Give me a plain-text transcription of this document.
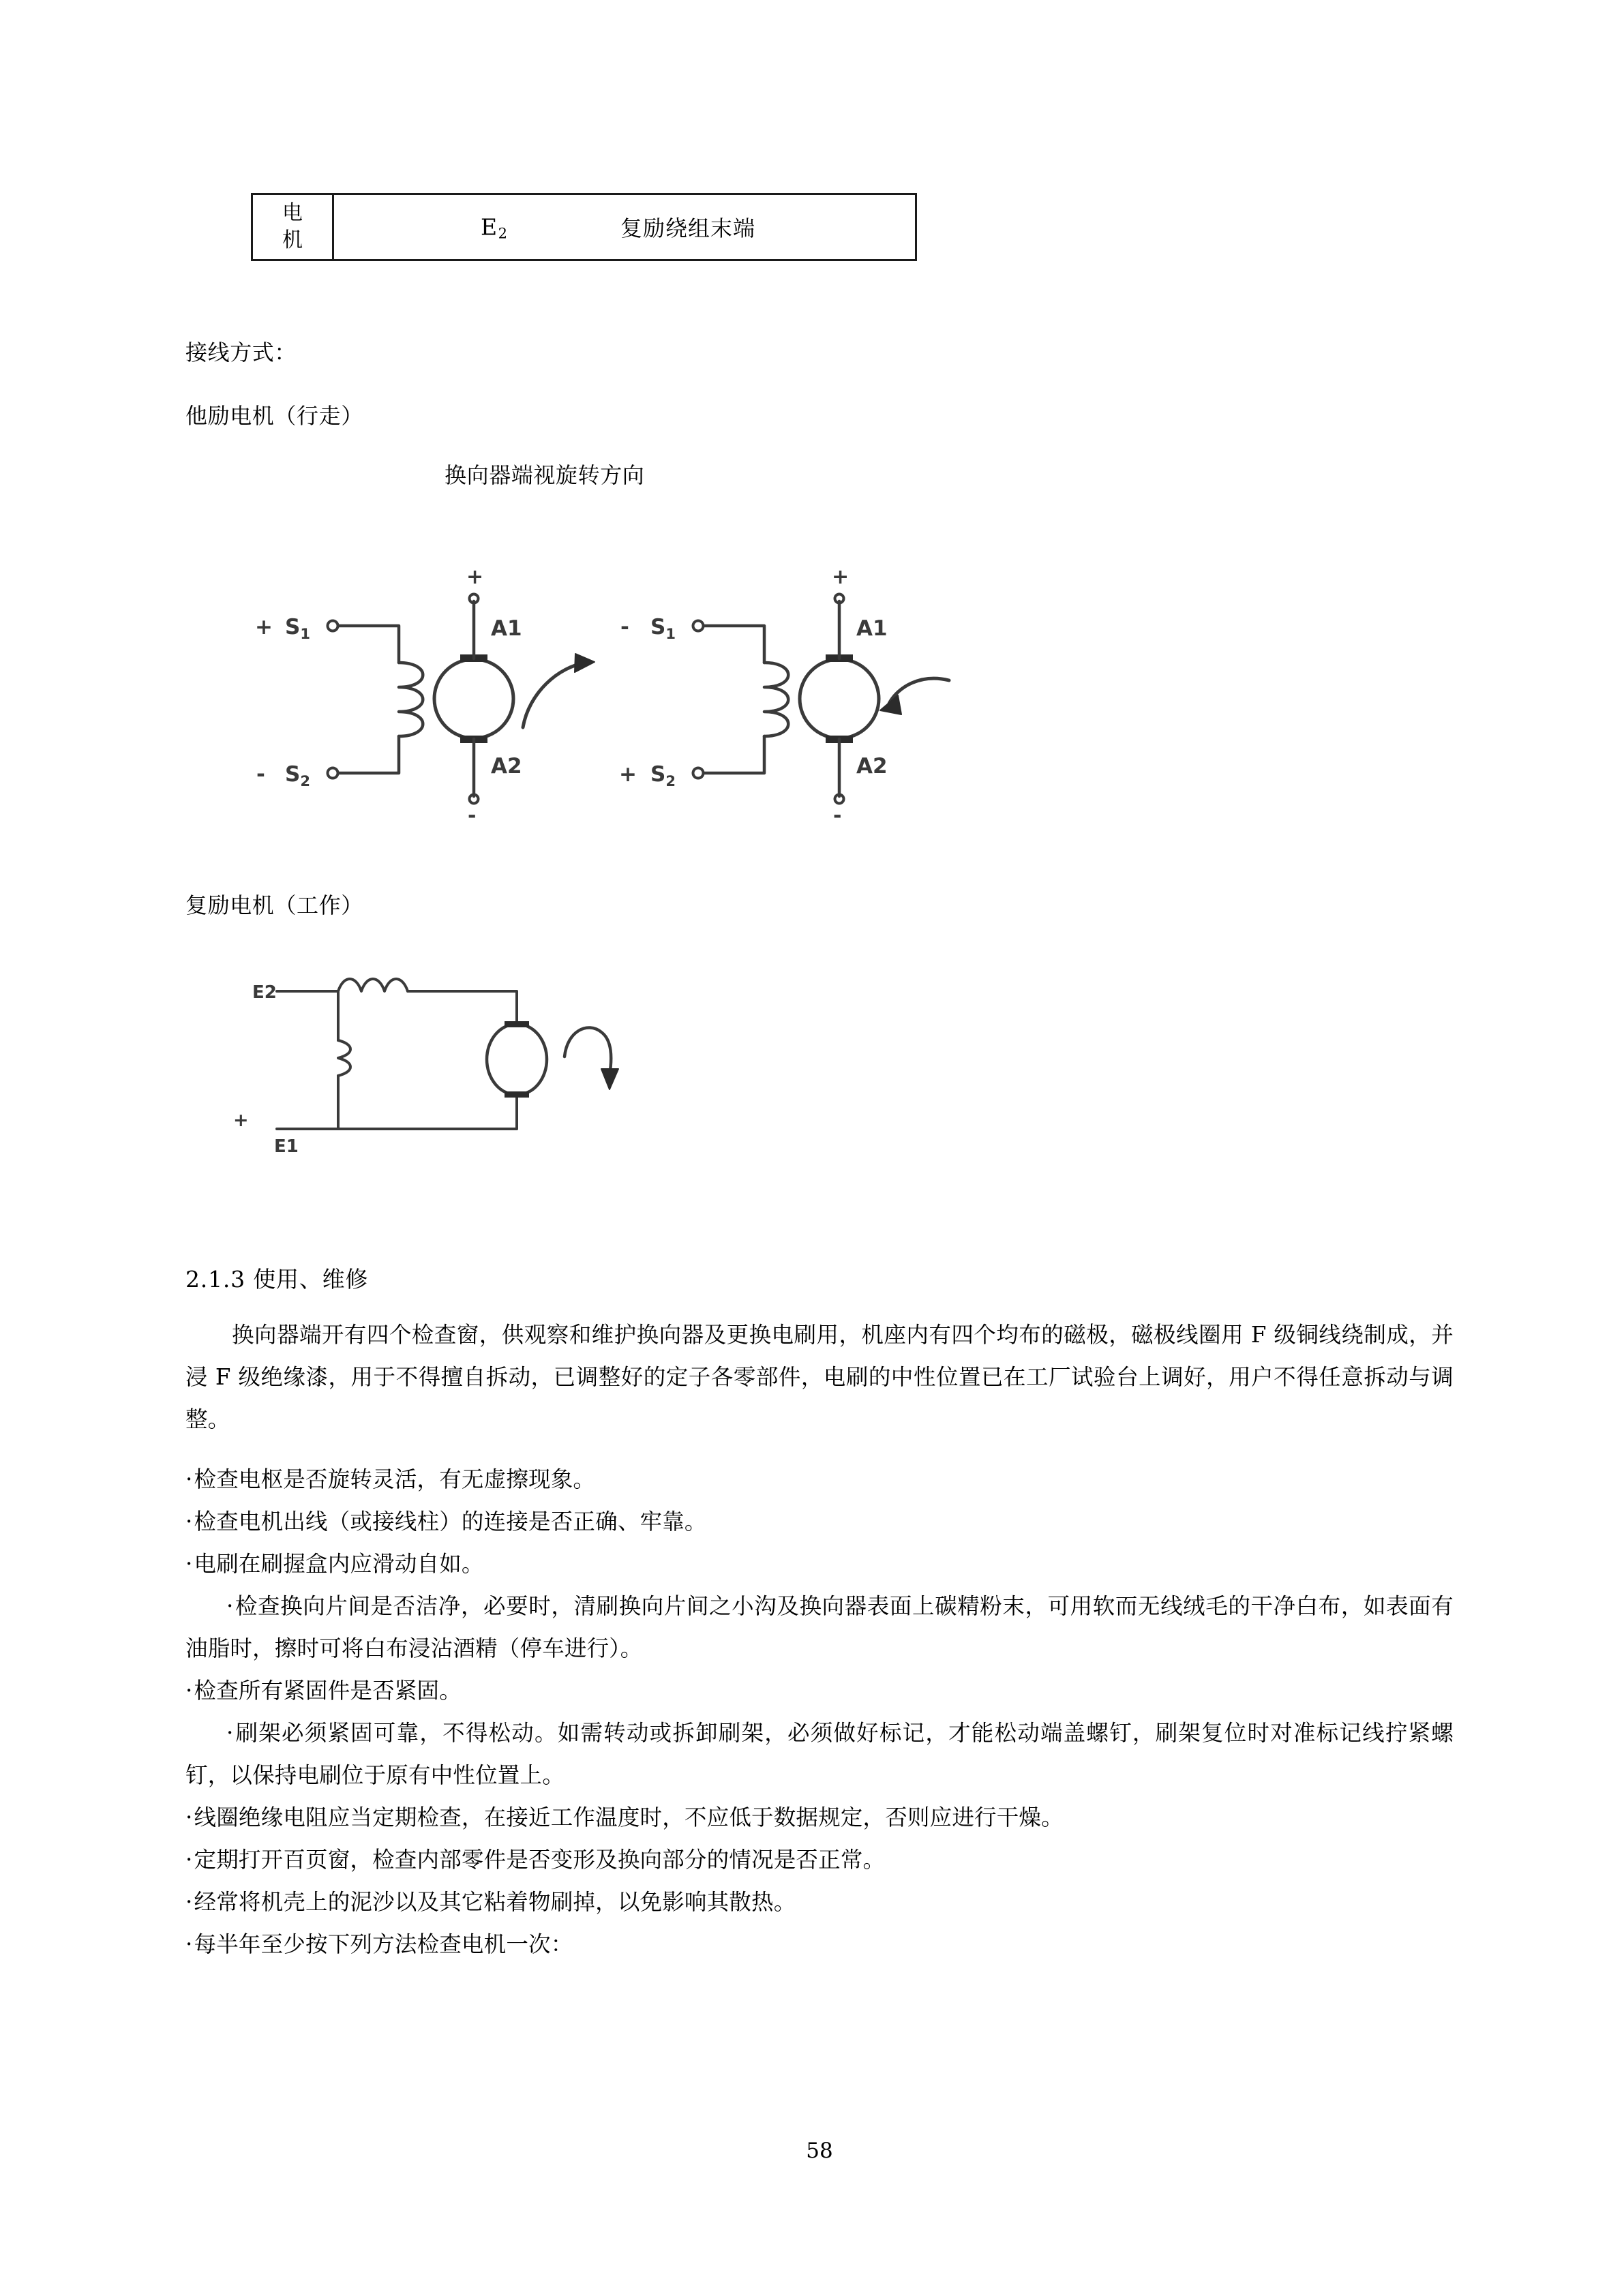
电
机	$E_2$	复励绕组末端
接线方式：
他励电机（行走）
换向器端视旋转方向
+ $S_1$
- $S_2$
+
A1
A2
-
- $S_1$
+ $S_2$
+
A1
A2
-
复励电机（工作）
E2
E1
+
2.1.3 使用、维修
换向器端开有四个检查窗，供观察和维护换向器及更换电刷用，机座内有四个均布的磁极，磁极线圈用 F 级铜线绕制成，并浸 F 级绝缘漆，用于不得擅自拆动，已调整好的定子各零部件，电刷的中性位置已在工厂试验台上调好，用户不得任意拆动与调整。
·检查电枢是否旋转灵活，有无虚擦现象。
·检查电机出线（或接线柱）的连接是否正确、牢靠。
·电刷在刷握盒内应滑动自如。
·检查换向片间是否洁净，必要时，清刷换向片间之小沟及换向器表面上碳精粉末，可用软而无线绒毛的干净白布，如表面有油脂时，擦时可将白布浸沾酒精（停车进行）。
·检查所有紧固件是否紧固。
·刷架必须紧固可靠，不得松动。如需转动或拆卸刷架，必须做好标记，才能松动端盖螺钉，刷架复位时对准标记线拧紧螺钉，以保持电刷位于原有中性位置上。
·线圈绝缘电阻应当定期检查，在接近工作温度时，不应低于数据规定，否则应进行干燥。
·定期打开百页窗，检查内部零件是否变形及换向部分的情况是否正常。
·经常将机壳上的泥沙以及其它粘着物刷掉，以免影响其散热。
·每半年至少按下列方法检查电机一次：
58
